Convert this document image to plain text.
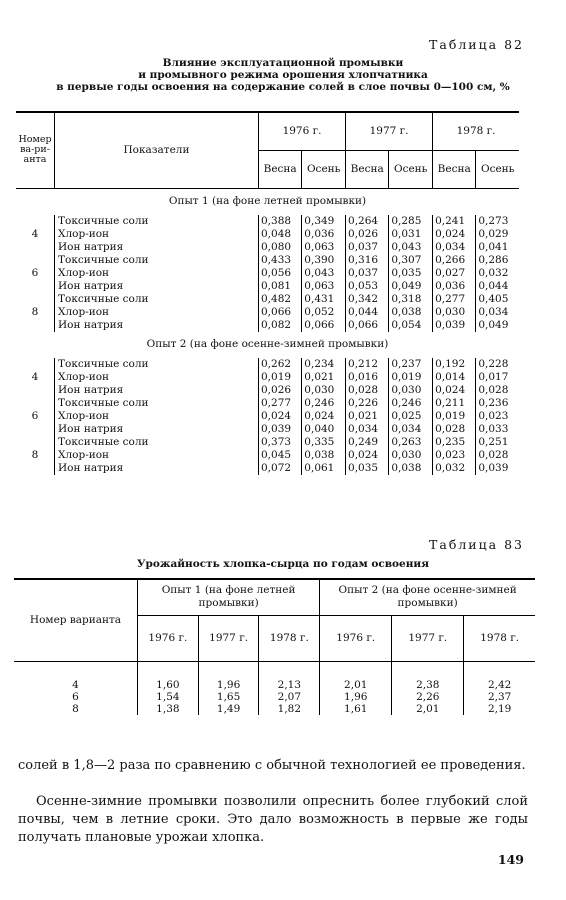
Таблица 82
Влияние эксплуатационной промывки
и промывного режима орошения хлопчатника
в первые годы освоения на содержание солей в слое почвы 0—100 см, %
Номер ва-ри-анта	Показатели	1976 г.		1977 г.		1978 г.	
		Весна	Осень	Весна	Осень	Весна	Осень
Опыт 1 (на фоне летней промывки)							
	Токсичные соли	0,388	0,349	0,264	0,285	0,241	0,273
4	Хлор-ион	0,048	0,036	0,026	0,031	0,024	0,029
	Ион натрия	0,080	0,063	0,037	0,043	0,034	0,041
	Токсичные соли	0,433	0,390	0,316	0,307	0,266	0,286
6	Хлор-ион	0,056	0,043	0,037	0,035	0,027	0,032
	Ион натрия	0,081	0,063	0,053	0,049	0,036	0,044
	Токсичные соли	0,482	0,431	0,342	0,318	0,277	0,405
8	Хлор-ион	0,066	0,052	0,044	0,038	0,030	0,034
	Ион натрия	0,082	0,066	0,066	0,054	0,039	0,049
Опыт 2 (на фоне осенне-зимней промывки)							
	Токсичные соли	0,262	0,234	0,212	0,237	0,192	0,228
4	Хлор-ион	0,019	0,021	0,016	0,019	0,014	0,017
	Ион натрия	0,026	0,030	0,028	0,030	0,024	0,028
	Токсичные соли	0,277	0,246	0,226	0,246	0,211	0,236
6	Хлор-ион	0,024	0,024	0,021	0,025	0,019	0,023
	Ион натрия	0,039	0,040	0,034	0,034	0,028	0,033
	Токсичные соли	0,373	0,335	0,249	0,263	0,235	0,251
8	Хлор-ион	0,045	0,038	0,024	0,030	0,023	0,028
	Ион натрия	0,072	0,061	0,035	0,038	0,032	0,039
Таблица 83
Урожайность хлопка-сырца по годам освоения
Номер варианта	Опыт 1 (на фоне летней промывки)			Опыт 2 (на фоне осенне-зимней промывки)		
	1976 г.	1977 г.	1978 г.	1976 г.	1977 г.	1978 г.

4	1,60	1,96	2,13	2,01	2,38	2,42
6	1,54	1,65	2,07	1,96	2,26	2,37
8	1,38	1,49	1,82	1,61	2,01	2,19
солей в 1,8—2 раза по сравнению с обычной технологией ее проведения.
Осенне-зимние промывки позволили опреснить более глубокий слой почвы, чем в летние сроки. Это дало возможность в первые же годы получать плановые урожаи хлопка.
149
